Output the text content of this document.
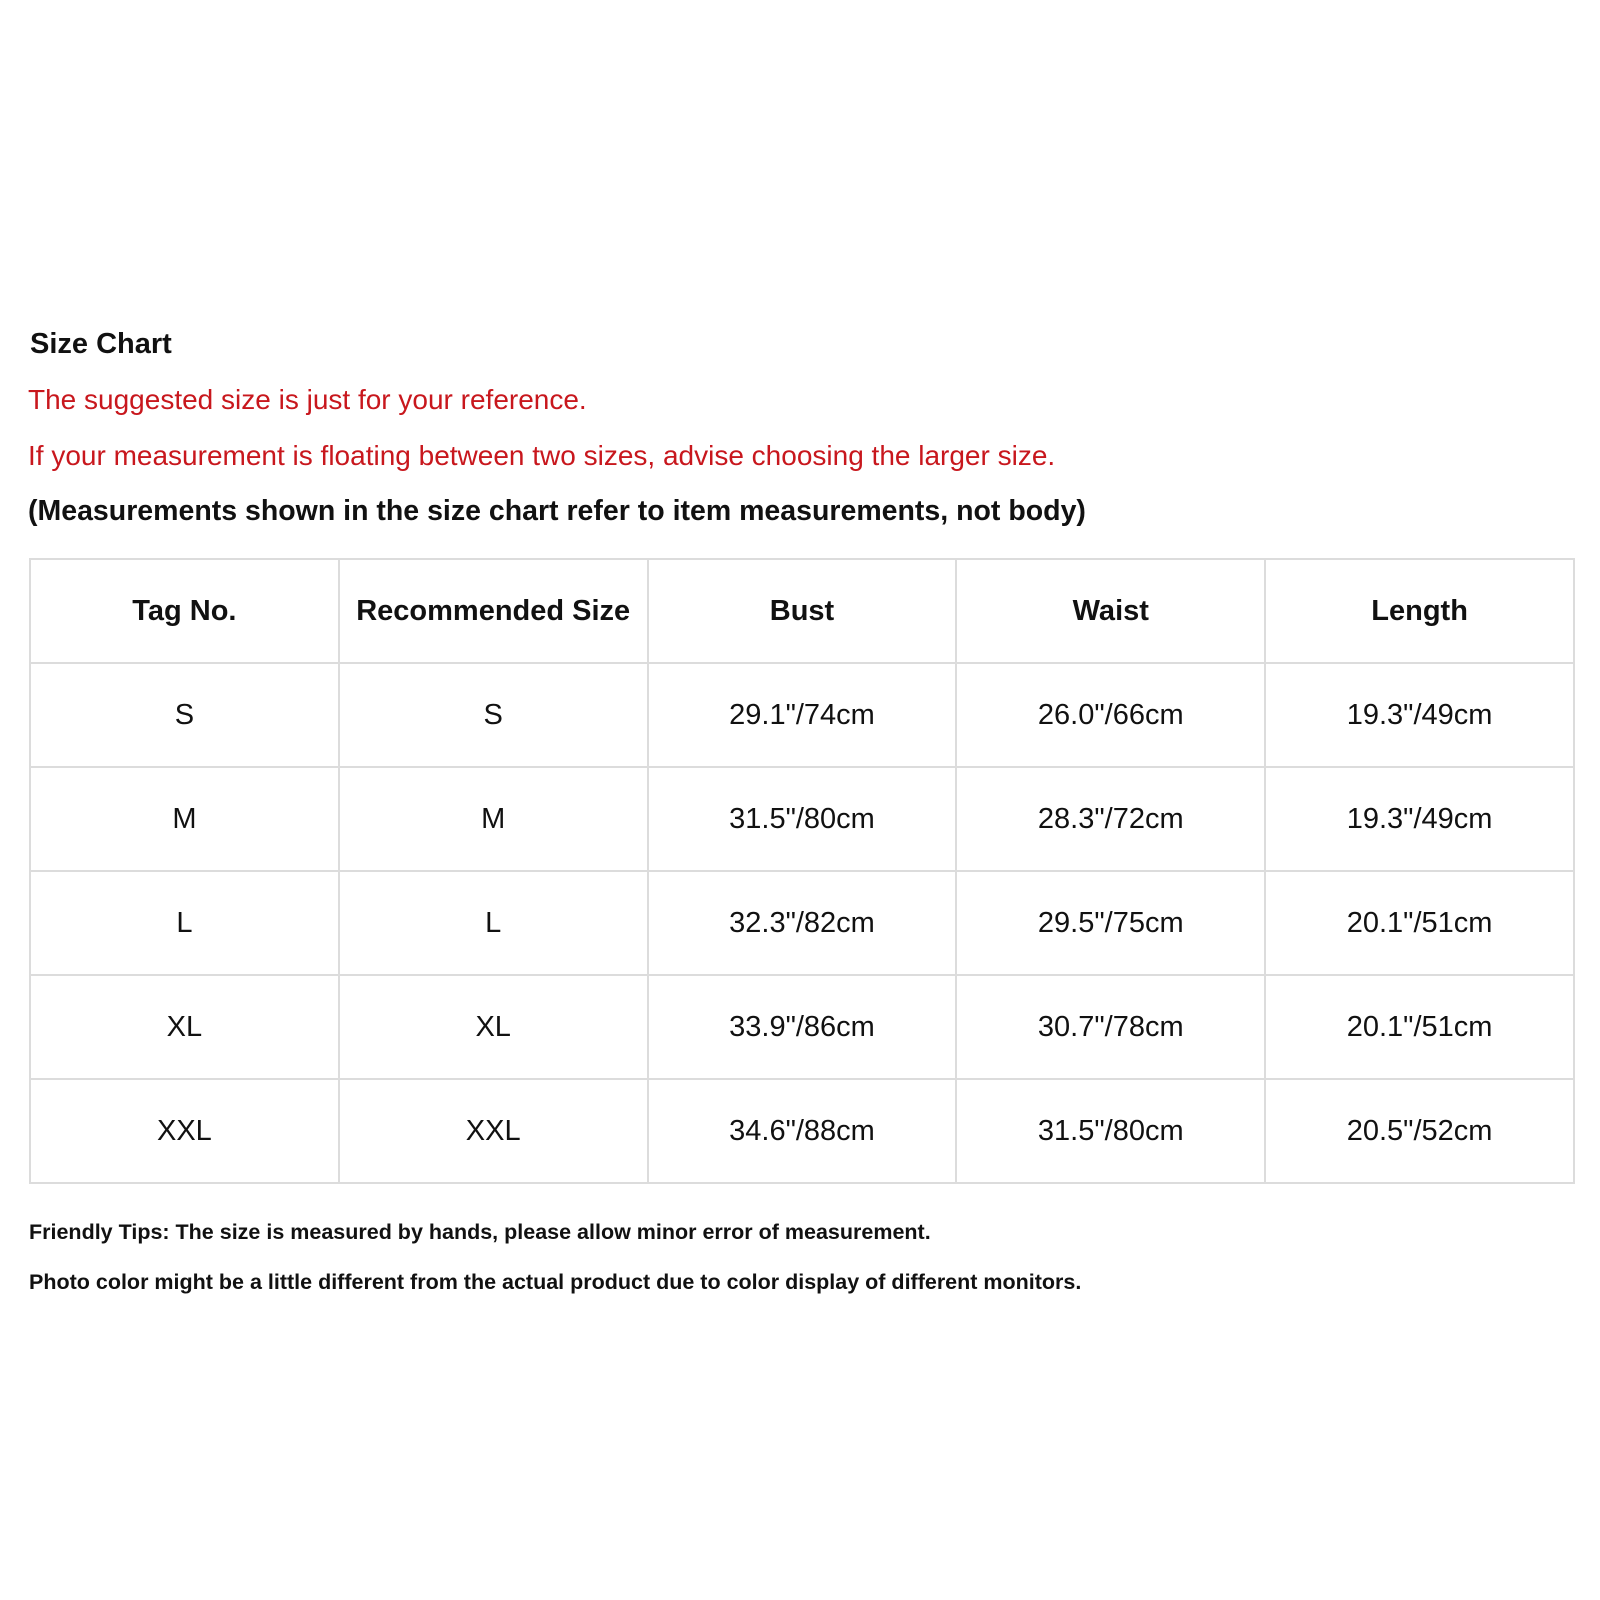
Size Chart
The suggested size is just for your reference.
If your measurement is floating between two sizes, advise choosing the larger size.
(Measurements shown in the size chart refer to item measurements, not body)
Tag No.	Recommended Size	Bust	Waist	Length
S	S	29.1"/74cm	26.0"/66cm	19.3"/49cm
M	M	31.5"/80cm	28.3"/72cm	19.3"/49cm
L	L	32.3"/82cm	29.5"/75cm	20.1"/51cm
XL	XL	33.9"/86cm	30.7"/78cm	20.1"/51cm
XXL	XXL	34.6"/88cm	31.5"/80cm	20.5"/52cm
Friendly Tips: The size is measured by hands, please allow minor error of measurement.
Photo color might be a little different from the actual product due to color display of different monitors.
